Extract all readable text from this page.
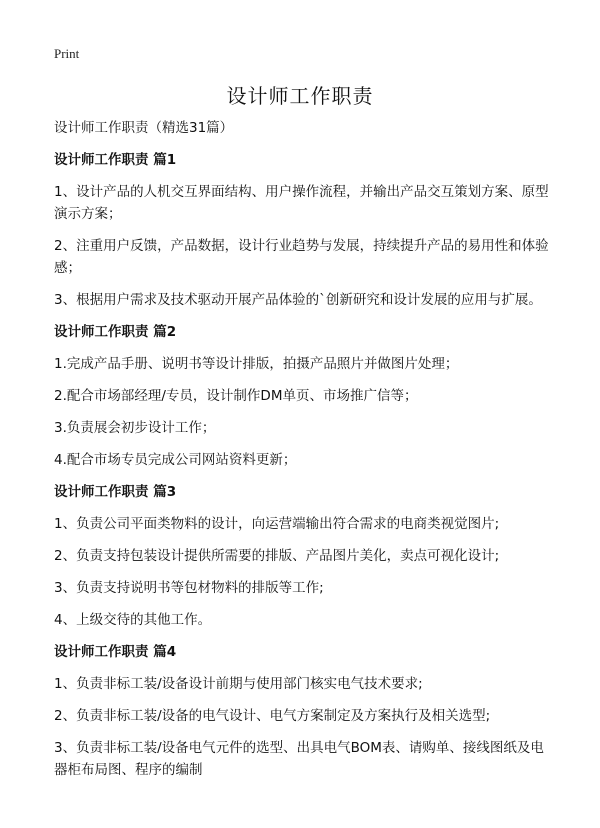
Print
设计师工作职责

设计师工作职责（精选31篇）

设计师工作职责 篇1

1、设计产品的人机交互界面结构、用户操作流程，并输出产品交互策划方案、原型演示方案；

2、注重用户反馈，产品数据，设计行业趋势与发展，持续提升产品的易用性和体验感；

3、根据用户需求及技术驱动开展产品体验的`创新研究和设计发展的应用与扩展。

设计师工作职责 篇2

1.完成产品手册、说明书等设计排版，拍摄产品照片并做图片处理；

2.配合市场部经理/专员，设计制作DM单页、市场推广信等；

3.负责展会初步设计工作；

4.配合市场专员完成公司网站资料更新；

设计师工作职责 篇3

1、负责公司平面类物料的设计，向运营端输出符合需求的电商类视觉图片;

2、负责支持包装设计提供所需要的排版、产品图片美化，卖点可视化设计;

3、负责支持说明书等包材物料的排版等工作;

4、上级交待的其他工作。

设计师工作职责 篇4

1、负责非标工装/设备设计前期与使用部门核实电气技术要求;

2、负责非标工装/设备的电气设计、电气方案制定及方案执行及相关选型;

3、负责非标工装/设备电气元件的选型、出具电气BOM表、请购单、接线图纸及电器柜布局图、程序的编制
